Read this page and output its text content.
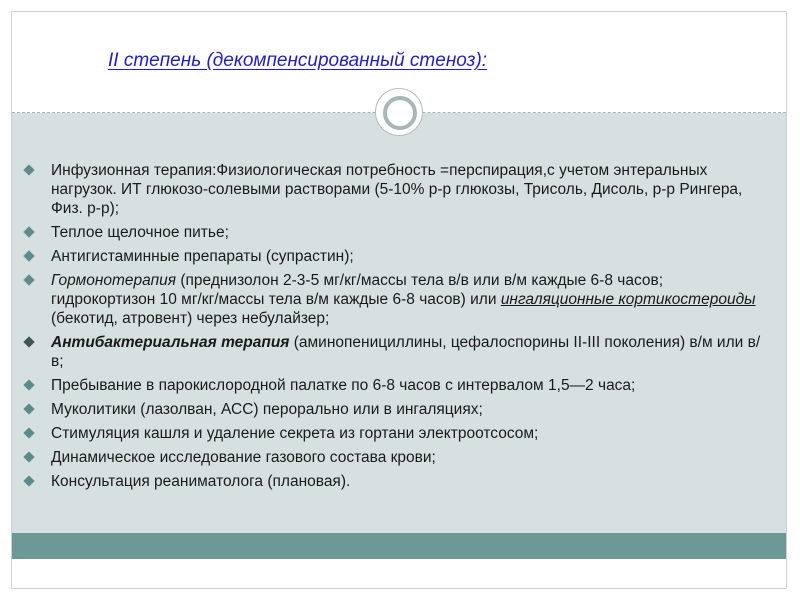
II степень (декомпенсированный стеноз):
Инфузионная терапия:Физиологическая потребность =перспирация,с учетом энтеральных нагрузок. ИТ глюкозо-солевыми растворами (5-10% р-р глюкозы, Трисоль, Дисоль, р-р Рингера, Физ. р-р);
Теплое щелочное питье;
Антигистаминные препараты (супрастин);
Гормонотерапия (преднизолон 2-3-5 мг/кг/массы тела в/в или в/м каждые 6-8 часов; гидрокортизон 10 мг/кг/массы тела в/м каждые 6-8 часов) или ингаляционные кортикостероиды (бекотид, атровент) через небулайзер;
Антибактериальная терапия (аминопенициллины, цефалоспорины II-III поколения) в/м или в/в;
Пребывание в парокислородной палатке по 6-8 часов с интервалом 1,5—2 часа;
Муколитики (лазолван, АСС) перорально или в ингаляциях;
Стимуляция кашля и удаление секрета из гортани электроотсосом;
Динамическое исследование газового состава крови;
Консультация реаниматолога (плановая).
